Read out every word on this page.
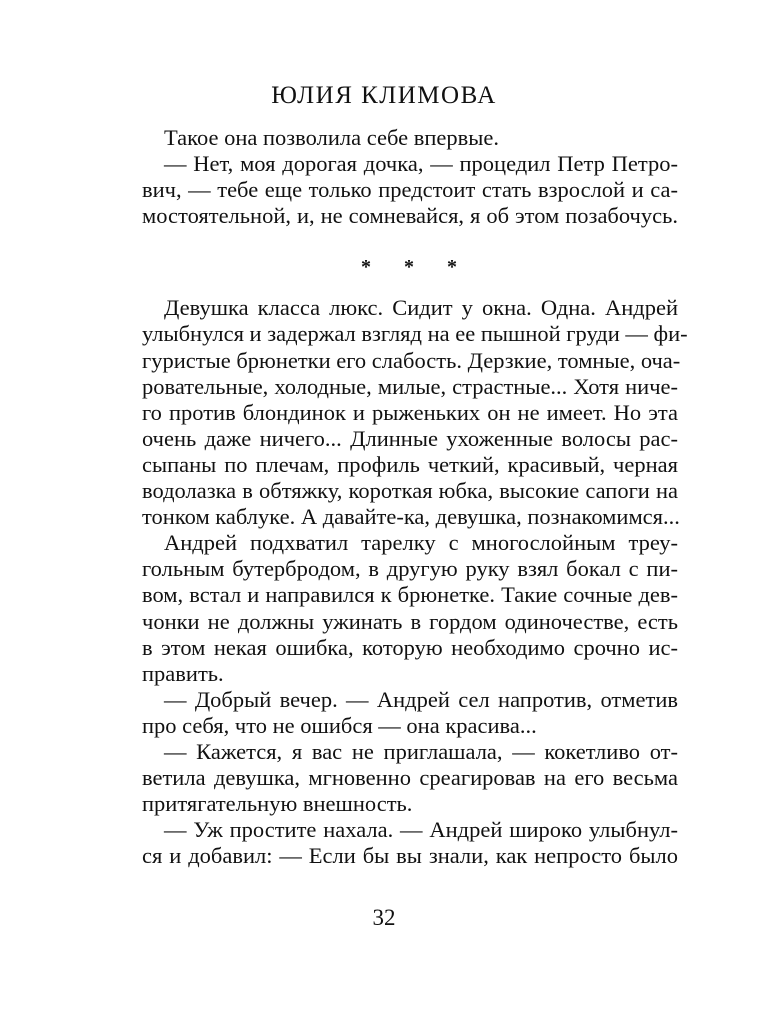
ЮЛИЯ КЛИМОВА
Такое она позволила себе впервые.
— Нет, моя дорогая дочка, — процедил Петр Петро-
вич, — тебе еще только предстоит стать взрослой и са-
мостоятельной, и, не сомневайся, я об этом позабочусь.
* * *
Девушка класса люкс. Сидит у окна. Одна. Андрей
улыбнулся и задержал взгляд на ее пышной груди — фи-
гуристые брюнетки его слабость. Дерзкие, томные, оча-
ровательные, холодные, милые, страстные... Хотя ниче-
го против блондинок и рыженьких он не имеет. Но эта
очень даже ничего... Длинные ухоженные волосы рас-
сыпаны по плечам, профиль четкий, красивый, черная
водолазка в обтяжку, короткая юбка, высокие сапоги на
тонком каблуке. А давайте-ка, девушка, познакомимся...
Андрей подхватил тарелку с многослойным треу-
гольным бутербродом, в другую руку взял бокал с пи-
вом, встал и направился к брюнетке. Такие сочные дев-
чонки не должны ужинать в гордом одиночестве, есть
в этом некая ошибка, которую необходимо срочно ис-
править.
— Добрый вечер. — Андрей сел напротив, отметив
про себя, что не ошибся — она красива...
— Кажется, я вас не приглашала, — кокетливо от-
ветила девушка, мгновенно среагировав на его весьма
притягательную внешность.
— Уж простите нахала. — Андрей широко улыбнул-
ся и добавил: — Если бы вы знали, как непросто было
32
